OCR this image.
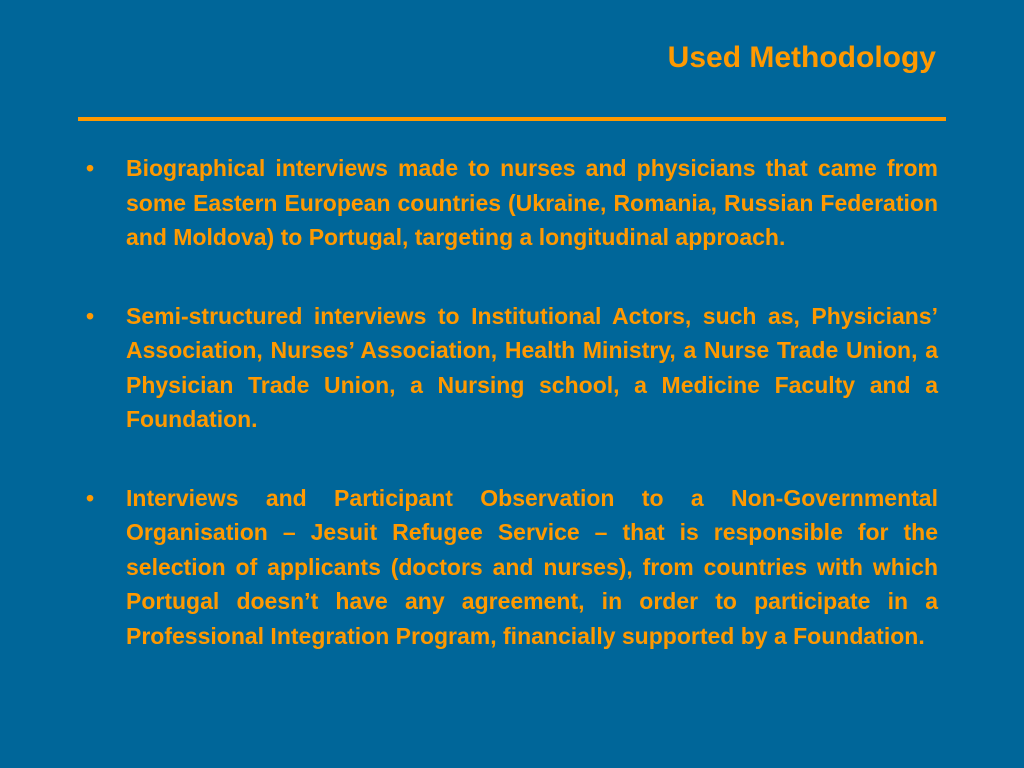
Used Methodology
•	Biographical interviews made to nurses and physicians that came from some Eastern European countries (Ukraine, Romania, Russian Federation and Moldova) to Portugal, targeting a longitudinal approach.
•	Semi-structured interviews to Institutional Actors, such as, Physicians’ Association, Nurses’ Association, Health Ministry, a Nurse Trade Union, a Physician Trade Union, a Nursing school, a Medicine Faculty and a Foundation.
•	Interviews and Participant Observation to a Non-Governmental Organisation – Jesuit Refugee Service – that is responsible for the selection of applicants (doctors and nurses), from countries with which Portugal doesn’t have any agreement, in order to participate in a Professional Integration Program, financially supported by a Foundation.
